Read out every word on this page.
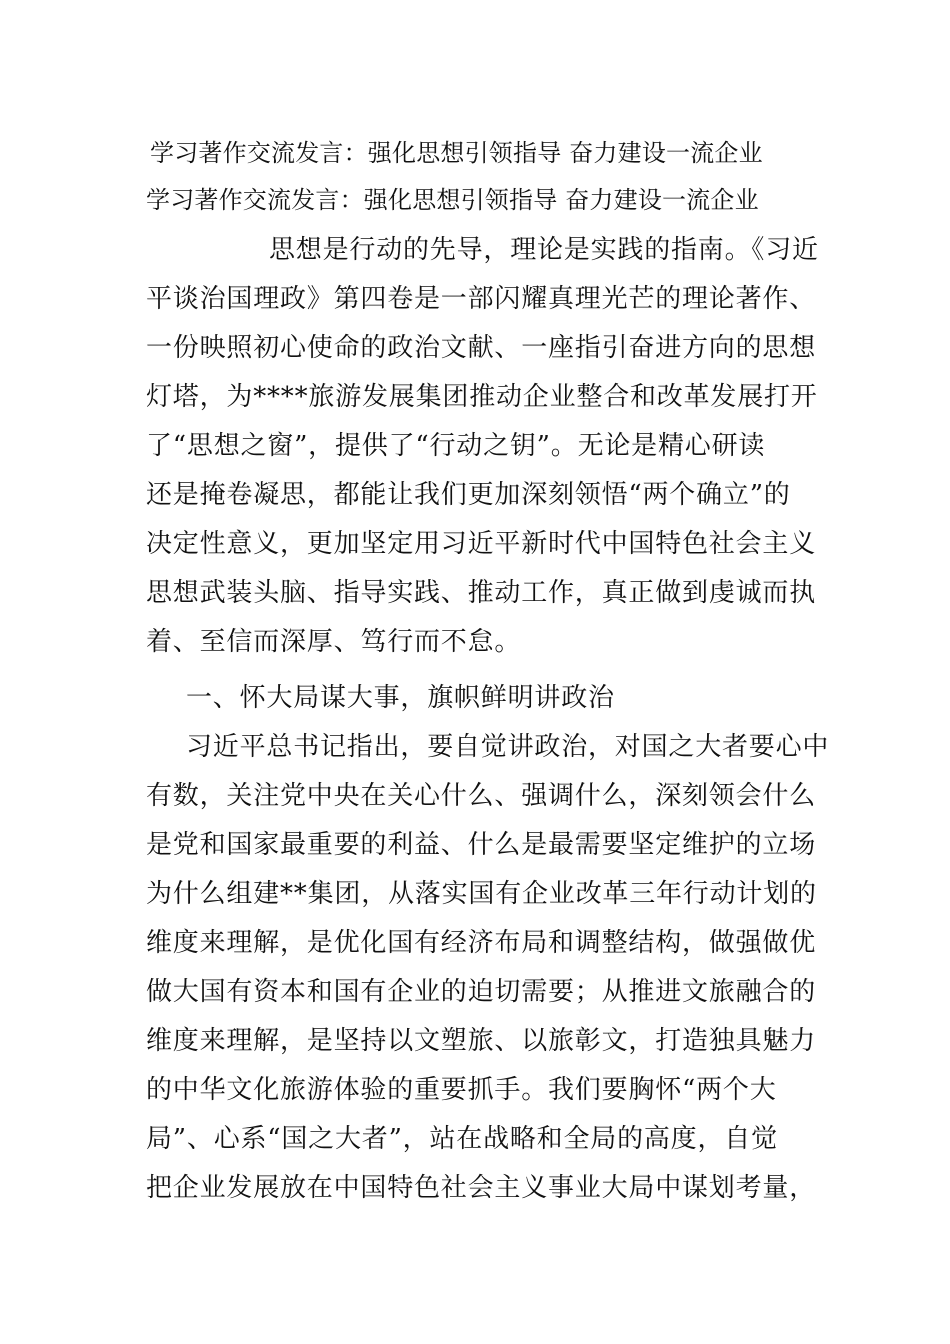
学习著作交流发言：强化思想引领指导 奋力建设一流企业
学习著作交流发言：强化思想引领指导 奋力建设一流企业
思想是行动的先导，理论是实践的指南。《习近
平谈治国理政》第四卷是一部闪耀真理光芒的理论著作、
一份映照初心使命的政治文献、一座指引奋进方向的思想
灯塔，为****旅游发展集团推动企业整合和改革发展打开
了“思想之窗”，提供了“行动之钥”。无论是精心研读
还是掩卷凝思，都能让我们更加深刻领悟“两个确立”的
决定性意义，更加坚定用习近平新时代中国特色社会主义
思想武装头脑、指导实践、推动工作，真正做到虔诚而执
着、至信而深厚、笃行而不怠。
一、怀大局谋大事，旗帜鲜明讲政治
习近平总书记指出，要自觉讲政治，对国之大者要心中
有数，关注党中央在关心什么、强调什么，深刻领会什么
是党和国家最重要的利益、什么是最需要坚定维护的立场
为什么组建**集团，从落实国有企业改革三年行动计划的
维度来理解，是优化国有经济布局和调整结构，做强做优
做大国有资本和国有企业的迫切需要；从推进文旅融合的
维度来理解，是坚持以文塑旅、以旅彰文，打造独具魅力
的中华文化旅游体验的重要抓手。我们要胸怀“两个大
局”、心系“国之大者”，站在战略和全局的高度，自觉
把企业发展放在中国特色社会主义事业大局中谋划考量，
